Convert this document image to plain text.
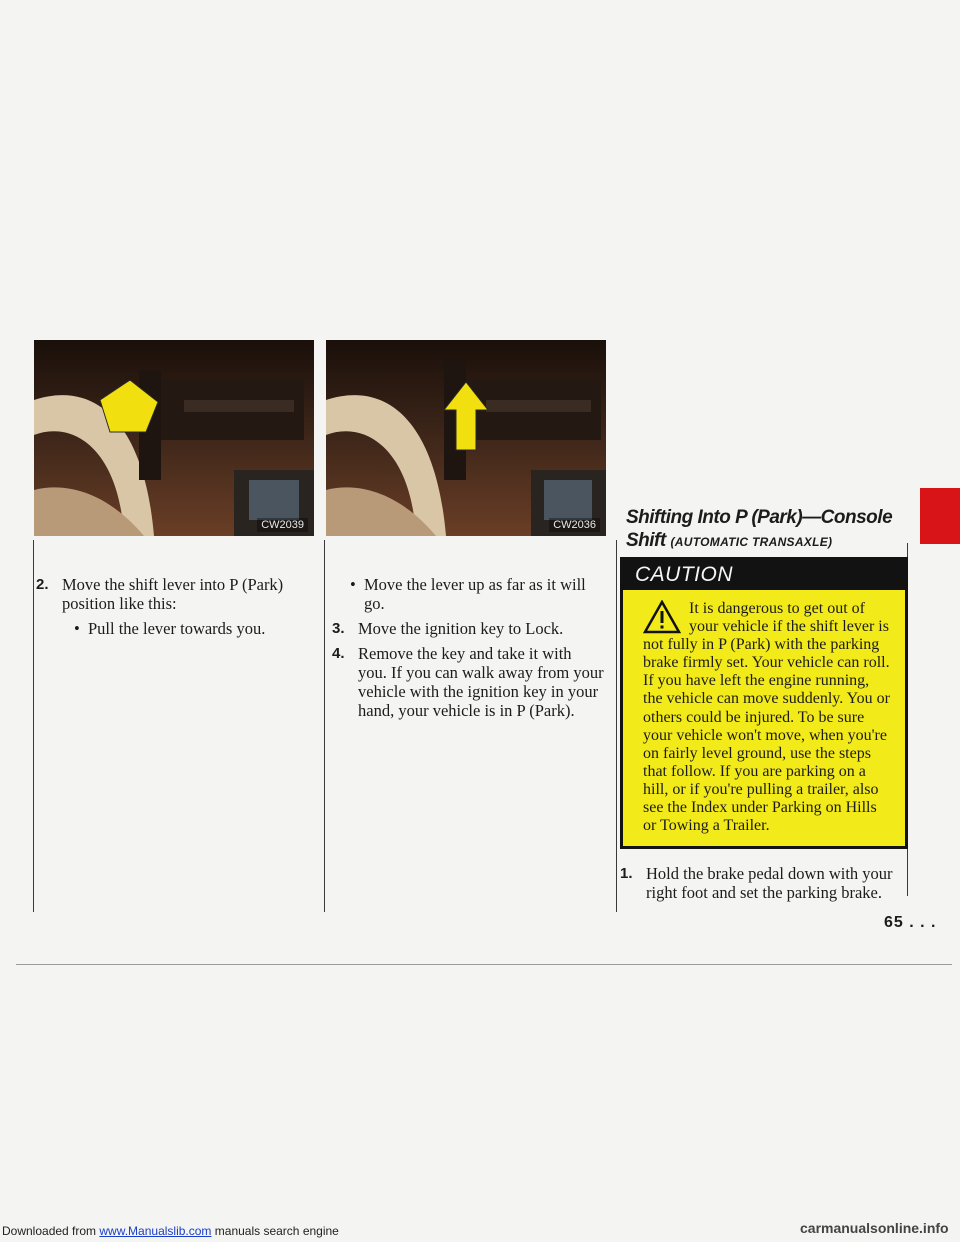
Downloaded from www.Manualslib.com manuals search engine	carmanualsonline.info
CW2039	CW2036
2. Move the shift lever into P (Park) position like this:
• Pull the lever towards you.
• Move the lever up as far as it will go.
3. Move the ignition key to Lock.
4. Remove the key and take it with you. If you can walk away from your vehicle with the ignition key in your hand, your vehicle is in P (Park).
Shifting Into P (Park)—Console
Shift (AUTOMATIC TRANSAXLE)
CAUTION
It is dangerous to get out of your vehicle if the shift lever is not fully in P (Park) with the parking brake firmly set. Your vehicle can roll. If you have left the engine running, the vehicle can move suddenly. You or others could be injured. To be sure your vehicle won't move, when you're on fairly level ground, use the steps that follow. If you are parking on a hill, or if you're pulling a trailer, also see the Index under Parking on Hills or Towing a Trailer.
1. Hold the brake pedal down with your right foot and set the parking brake.
65 . . .
